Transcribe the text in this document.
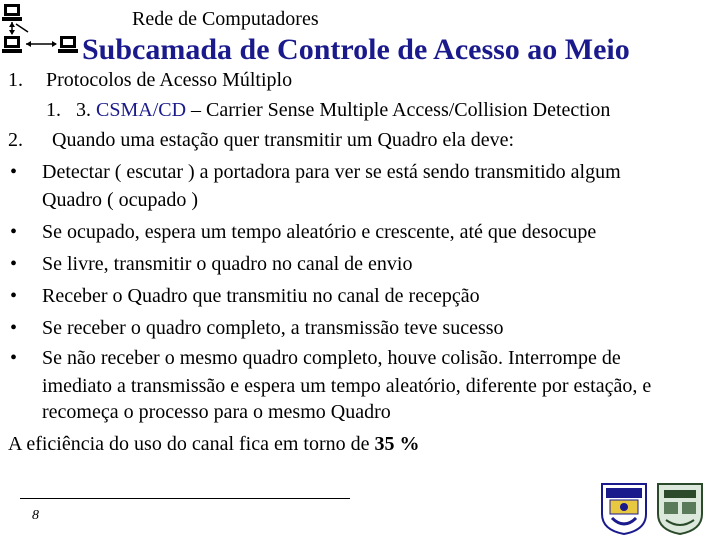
Rede de Computadores
Subcamada de Controle de Acesso ao Meio
1. Protocolos de Acesso Múltiplo
1. 3. CSMA/CD – Carrier Sense Multiple Access/Collision Detection
2. Quando uma estação quer transmitir um Quadro ela deve:
• Detectar ( escutar ) a portadora para ver se está sendo transmitido algum
Quadro ( ocupado )
• Se ocupado, espera um tempo aleatório e crescente, até que desocupe
• Se livre, transmitir o quadro no canal de envio
• Receber o Quadro que transmitiu no canal de recepção
• Se receber o quadro completo, a transmissão teve sucesso
• Se não receber o mesmo quadro completo, houve colisão. Interrompe de
imediato a transmissão e espera um tempo aleatório, diferente por estação, e
recomeça o processo para o mesmo Quadro
A eficiência do uso do canal fica em torno de 35 %
8
